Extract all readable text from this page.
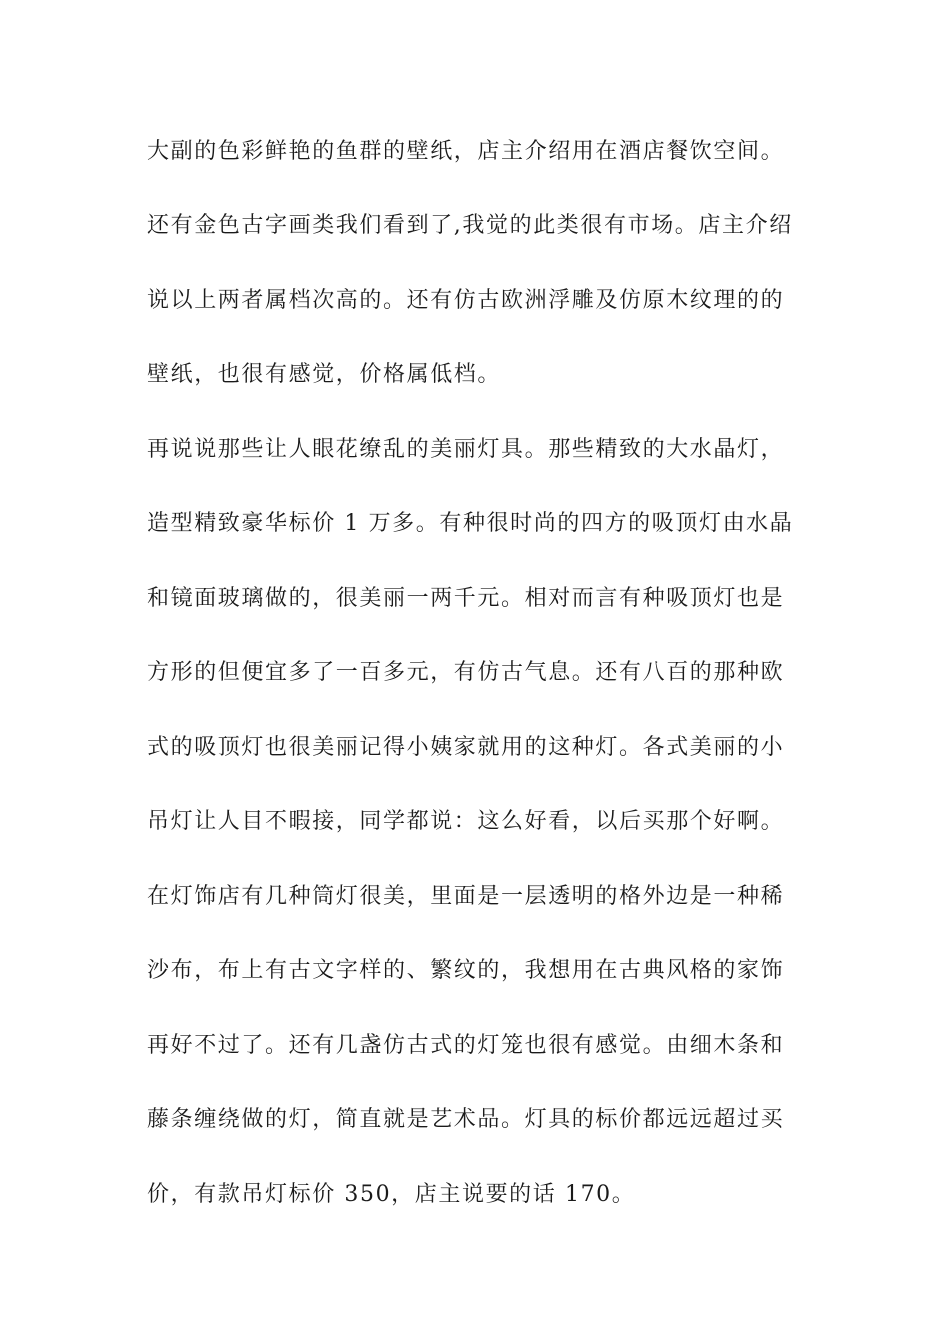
大副的色彩鲜艳的鱼群的壁纸，店主介绍用在酒店餐饮空间。
还有金色古字画类我们看到了,我觉的此类很有市场。店主介绍
说以上两者属档次高的。还有仿古欧洲浮雕及仿原木纹理的的
壁纸，也很有感觉，价格属低档。
再说说那些让人眼花缭乱的美丽灯具。那些精致的大水晶灯，
造型精致豪华标价 1 万多。有种很时尚的四方的吸顶灯由水晶
和镜面玻璃做的，很美丽一两千元。相对而言有种吸顶灯也是
方形的但便宜多了一百多元，有仿古气息。还有八百的那种欧
式的吸顶灯也很美丽记得小姨家就用的这种灯。各式美丽的小
吊灯让人目不暇接，同学都说：这么好看，以后买那个好啊。
在灯饰店有几种筒灯很美，里面是一层透明的格外边是一种稀
沙布，布上有古文字样的、繁纹的，我想用在古典风格的家饰
再好不过了。还有几盏仿古式的灯笼也很有感觉。由细木条和
藤条缠绕做的灯，简直就是艺术品。灯具的标价都远远超过买
价，有款吊灯标价 350，店主说要的话 170。
